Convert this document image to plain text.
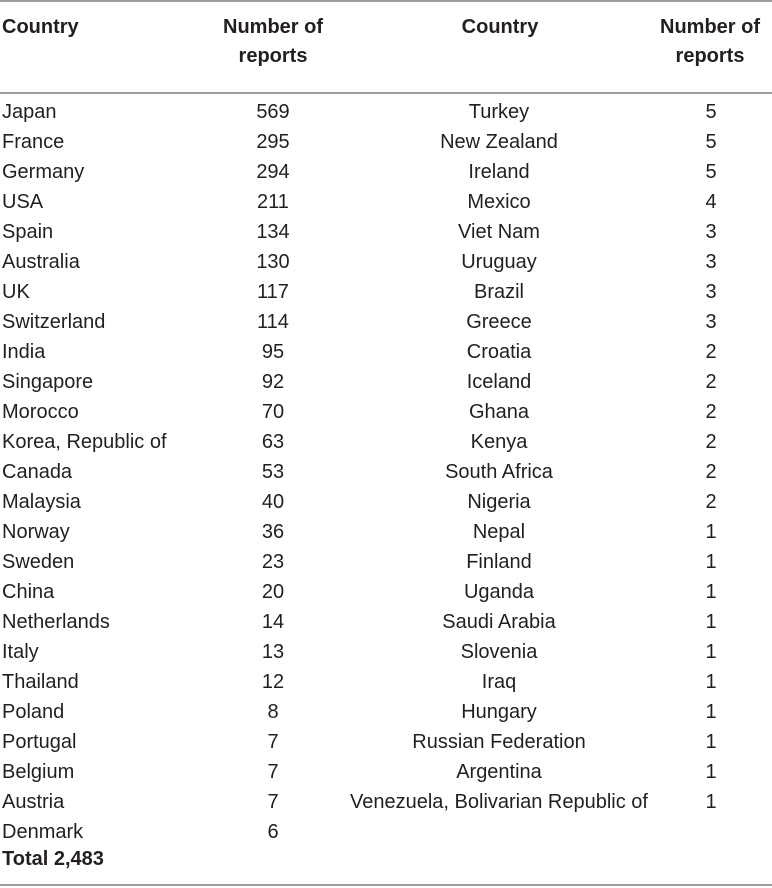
Country	Number of
reports
Country	Number of
reports
Japan	569	Turkey	5
France	295	New Zealand	5
Germany	294	Ireland	5
USA	211	Mexico	4
Spain	134	Viet Nam	3
Australia	130	Uruguay	3
UK	117	Brazil	3
Switzerland	114	Greece	3
India	95	Croatia	2
Singapore	92	Iceland	2
Morocco	70	Ghana	2
Korea, Republic of	63	Kenya	2
Canada	53	South Africa	2
Malaysia	40	Nigeria	2
Norway	36	Nepal	1
Sweden	23	Finland	1
China	20	Uganda	1
Netherlands	14	Saudi Arabia	1
Italy	13	Slovenia	1
Thailand	12	Iraq	1
Poland	8	Hungary	1
Portugal	7	Russian Federation	1
Belgium	7	Argentina	1
Austria	7	Venezuela, Bolivarian Republic of	1
Denmark	6
Total 2,483
